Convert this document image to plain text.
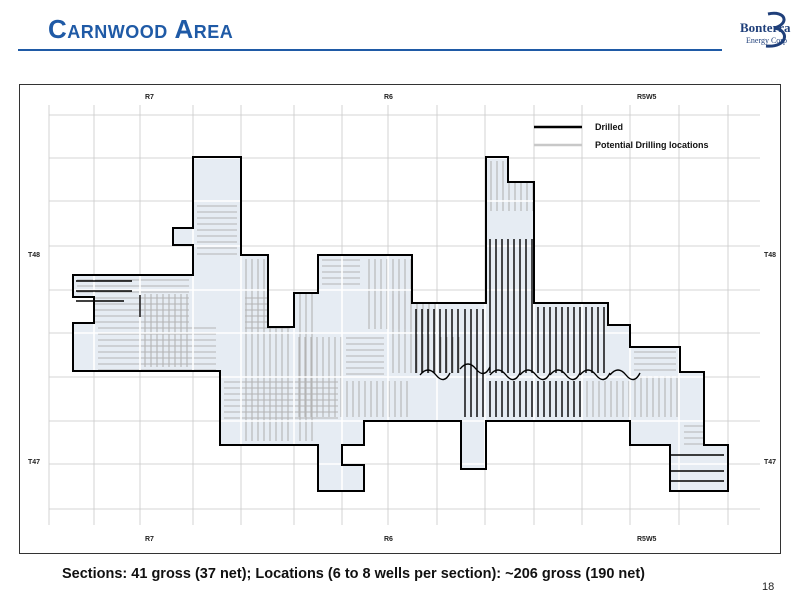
Carnwood Area	Bonterra
Energy Corp
R7	R6	R5W5
R7	R6	R5W5
T48
T47
T48
T47
Drilled
Potential Drilling locations
Sections: 41 gross (37 net); Locations (6 to 8 wells per section): ~206 gross (190 net)
18
